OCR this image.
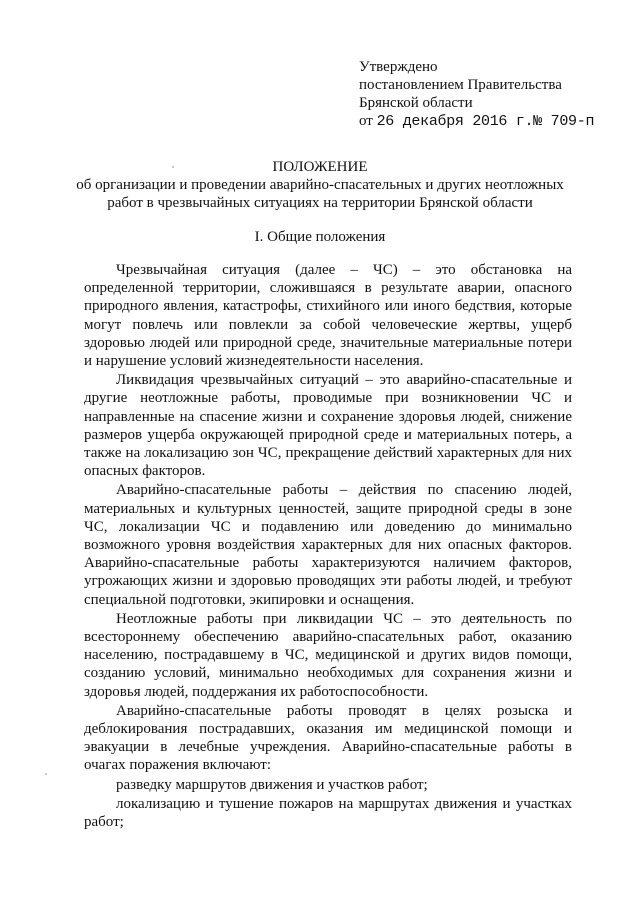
Утверждено
постановлением Правительства
Брянской области
от 26 декабря 2016 г.№ 709-п
ПОЛОЖЕНИЕ
об организации и проведении аварийно-спасательных и других неотложных
работ в чрезвычайных ситуациях на территории Брянской области
I. Общие положения

Чрезвычайная ситуация (далее – ЧС) – это обстановка на определенной территории, сложившаяся в результате аварии, опасного природного явления, катастрофы, стихийного или иного бедствия, которые могут повлечь или повлекли за собой человеческие жертвы, ущерб здоровью людей или природной среде, значительные материальные потери и нарушение условий жизнедеятельности населения.

Ликвидация чрезвычайных ситуаций – это аварийно-спасательные и другие неотложные работы, проводимые при возникновении ЧС и направленные на спасение жизни и сохранение здоровья людей, снижение размеров ущерба окружающей природной среде и материальных потерь, а также на локализацию зон ЧС, прекращение действий характерных для них опасных факторов.

Аварийно-спасательные работы – действия по спасению людей, материальных и культурных ценностей, защите природной среды в зоне ЧС, локализации ЧС и подавлению или доведению до минимально возможного уровня воздействия характерных для них опасных факторов. Аварийно-спасательные работы характеризуются наличием факторов, угрожающих жизни и здоровью проводящих эти работы людей, и требуют специальной подготовки, экипировки и оснащения.

Неотложные работы при ликвидации ЧС – это деятельность по всестороннему обеспечению аварийно-спасательных работ, оказанию населению, пострадавшему в ЧС, медицинской и других видов помощи, созданию условий, минимально необходимых для сохранения жизни и здоровья людей, поддержания их работоспособности.

Аварийно-спасательные работы проводят в целях розыска и деблокирования пострадавших, оказания им медицинской помощи и эвакуации в лечебные учреждения. Аварийно-спасательные работы в очагах поражения включают:

разведку маршрутов движения и участков работ;

локализацию и тушение пожаров на маршрутах движения и участках работ;
